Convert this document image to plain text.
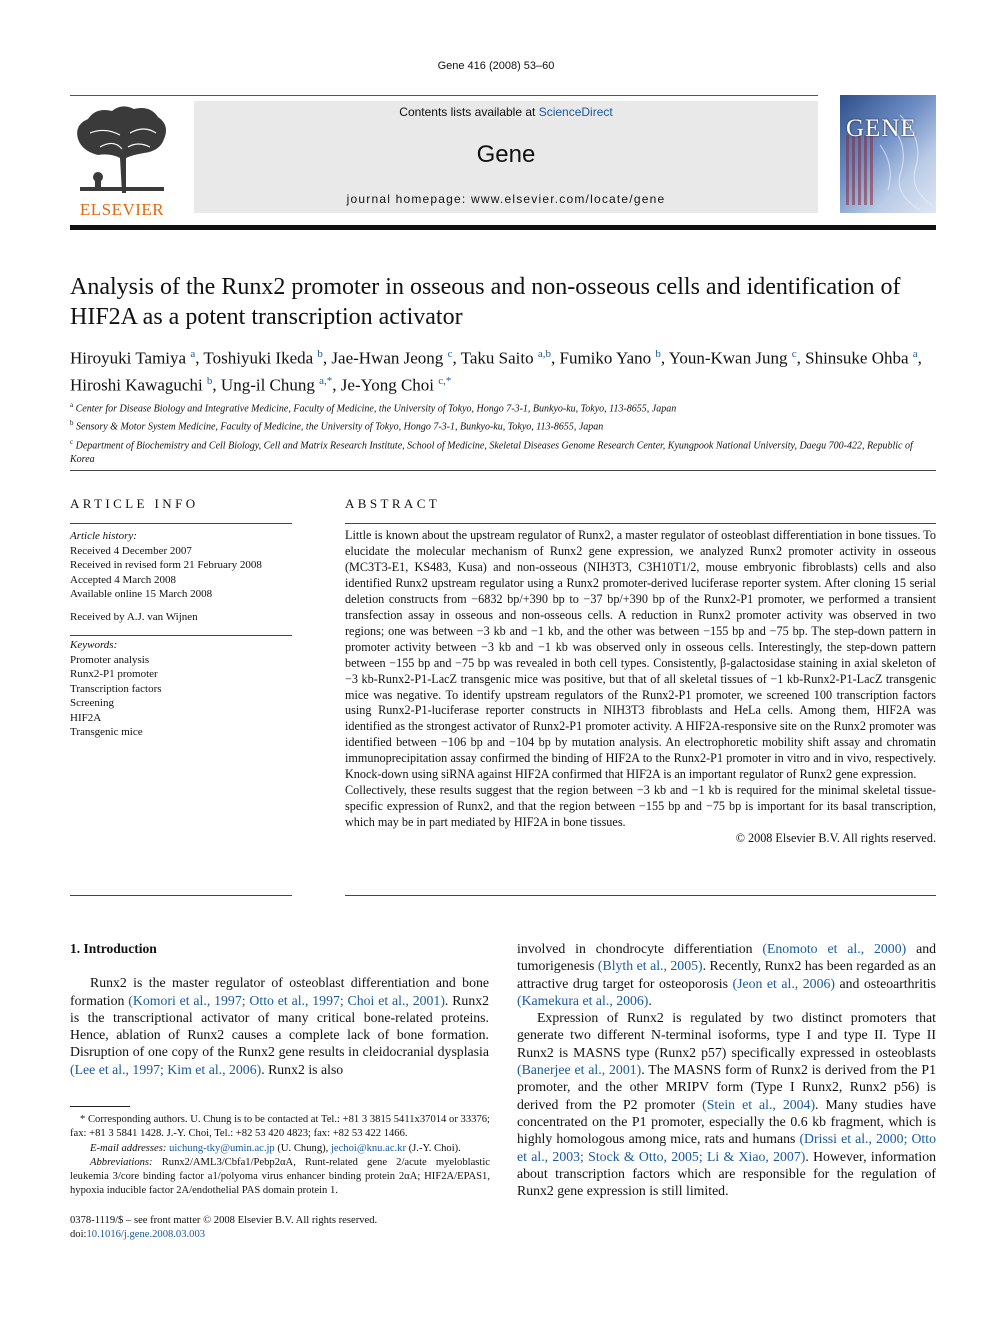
Gene 416 (2008) 53–60
ELSEVIER
Contents lists available at ScienceDirect
Gene
journal homepage: www.elsevier.com/locate/gene
GENE
Analysis of the Runx2 promoter in osseous and non-osseous cells and identification of HIF2A as a potent transcription activator
Hiroyuki Tamiya $^a$, Toshiyuki Ikeda $^b$, Jae-Hwan Jeong $^c$, Taku Saito $^{a,b}$, Fumiko Yano $^b$, Youn-Kwan Jung $^c$, Shinsuke Ohba $^a$, Hiroshi Kawaguchi $^b$, Ung-il Chung $^{a,*}$, Je-Yong Choi $^{c,*}$
$^a$ Center for Disease Biology and Integrative Medicine, Faculty of Medicine, the University of Tokyo, Hongo 7-3-1, Bunkyo-ku, Tokyo, 113-8655, Japan
$^b$ Sensory & Motor System Medicine, Faculty of Medicine, the University of Tokyo, Hongo 7-3-1, Bunkyo-ku, Tokyo, 113-8655, Japan
$^c$ Department of Biochemistry and Cell Biology, Cell and Matrix Research Institute, School of Medicine, Skeletal Diseases Genome Research Center, Kyungpook National University, Daegu 700-422, Republic of Korea
ARTICLE INFO
Article history:
Received 4 December 2007
Received in revised form 21 February 2008
Accepted 4 March 2008
Available online 15 March 2008
Received by A.J. van Wijnen
Keywords:
Promoter analysis
Runx2-P1 promoter
Transcription factors
Screening
HIF2A
Transgenic mice
ABSTRACT

Little is known about the upstream regulator of Runx2, a master regulator of osteoblast differentiation in bone tissues. To elucidate the molecular mechanism of Runx2 gene expression, we analyzed Runx2 promoter activity in osseous (MC3T3-E1, KS483, Kusa) and non-osseous (NIH3T3, C3H10T1/2, mouse embryonic fibroblasts) cells and also identified Runx2 upstream regulator using a Runx2 promoter-derived luciferase reporter system. After cloning 15 serial deletion constructs from −6832 bp/+390 bp to −37 bp/+390 bp of the Runx2-P1 promoter, we performed a transient transfection assay in osseous and non-osseous cells. A reduction in Runx2 promoter activity was observed in two regions; one was between −3 kb and −1 kb, and the other was between −155 bp and −75 bp. The step-down pattern in promoter activity between −3 kb and −1 kb was observed only in osseous cells. Interestingly, the step-down pattern between −155 bp and −75 bp was revealed in both cell types. Consistently, β-galactosidase staining in axial skeleton of −3 kb-Runx2-P1-LacZ transgenic mice was positive, but that of all skeletal tissues of −1 kb-Runx2-P1-LacZ transgenic mice was negative. To identify upstream regulators of the Runx2-P1 promoter, we screened 100 transcription factors using Runx2-P1-luciferase reporter constructs in NIH3T3 fibroblasts and HeLa cells. Among them, HIF2A was identified as the strongest activator of Runx2-P1 promoter activity. A HIF2A-responsive site on the Runx2 promoter was identified between −106 bp and −104 bp by mutation analysis. An electrophoretic mobility shift assay and chromatin immunoprecipitation assay confirmed the binding of HIF2A to the Runx2-P1 promoter in vitro and in vivo, respectively. Knock-down using siRNA against HIF2A confirmed that HIF2A is an important regulator of Runx2 gene expression.

Collectively, these results suggest that the region between −3 kb and −1 kb is required for the minimal skeletal tissue-specific expression of Runx2, and that the region between −155 bp and −75 bp is important for its basal transcription, which may be in part mediated by HIF2A in bone tissues.

© 2008 Elsevier B.V. All rights reserved.
1. Introduction

Runx2 is the master regulator of osteoblast differentiation and bone formation (Komori et al., 1997; Otto et al., 1997; Choi et al., 2001). Runx2 is the transcriptional activator of many critical bone-related proteins. Hence, ablation of Runx2 causes a complete lack of bone formation. Disruption of one copy of the Runx2 gene results in cleidocranial dysplasia (Lee et al., 1997; Kim et al., 2006). Runx2 is also

* Corresponding authors. U. Chung is to be contacted at Tel.: +81 3 3815 5411x37014 or 33376; fax: +81 3 5841 1428. J.-Y. Choi, Tel.: +82 53 420 4823; fax: +82 53 422 1466.

E-mail addresses: uichung-tky@umin.ac.jp (U. Chung), jechoi@knu.ac.kr (J.-Y. Choi).

Abbreviations: Runx2/AML3/Cbfa1/Pebp2αA, Runt-related gene 2/acute myeloblastic leukemia 3/core binding factor a1/polyoma virus enhancer binding protein 2αA; HIF2A/EPAS1, hypoxia inducible factor 2A/endothelial PAS domain protein 1.

0378-1119/$ – see front matter © 2008 Elsevier B.V. All rights reserved.
doi:10.1016/j.gene.2008.03.003

involved in chondrocyte differentiation (Enomoto et al., 2000) and tumorigenesis (Blyth et al., 2005). Recently, Runx2 has been regarded as an attractive drug target for osteoporosis (Jeon et al., 2006) and osteoarthritis (Kamekura et al., 2006).

Expression of Runx2 is regulated by two distinct promoters that generate two different N-terminal isoforms, type I and type II. Type II Runx2 is MASNS type (Runx2 p57) specifically expressed in osteoblasts (Banerjee et al., 2001). The MASNS form of Runx2 is derived from the P1 promoter, and the other MRIPV form (Type I Runx2, Runx2 p56) is derived from the P2 promoter (Stein et al., 2004). Many studies have concentrated on the P1 promoter, especially the 0.6 kb fragment, which is highly homologous among mice, rats and humans (Drissi et al., 2000; Otto et al., 2003; Stock & Otto, 2005; Li & Xiao, 2007). However, information about transcription factors which are responsible for the regulation of Runx2 gene expression is still limited.
